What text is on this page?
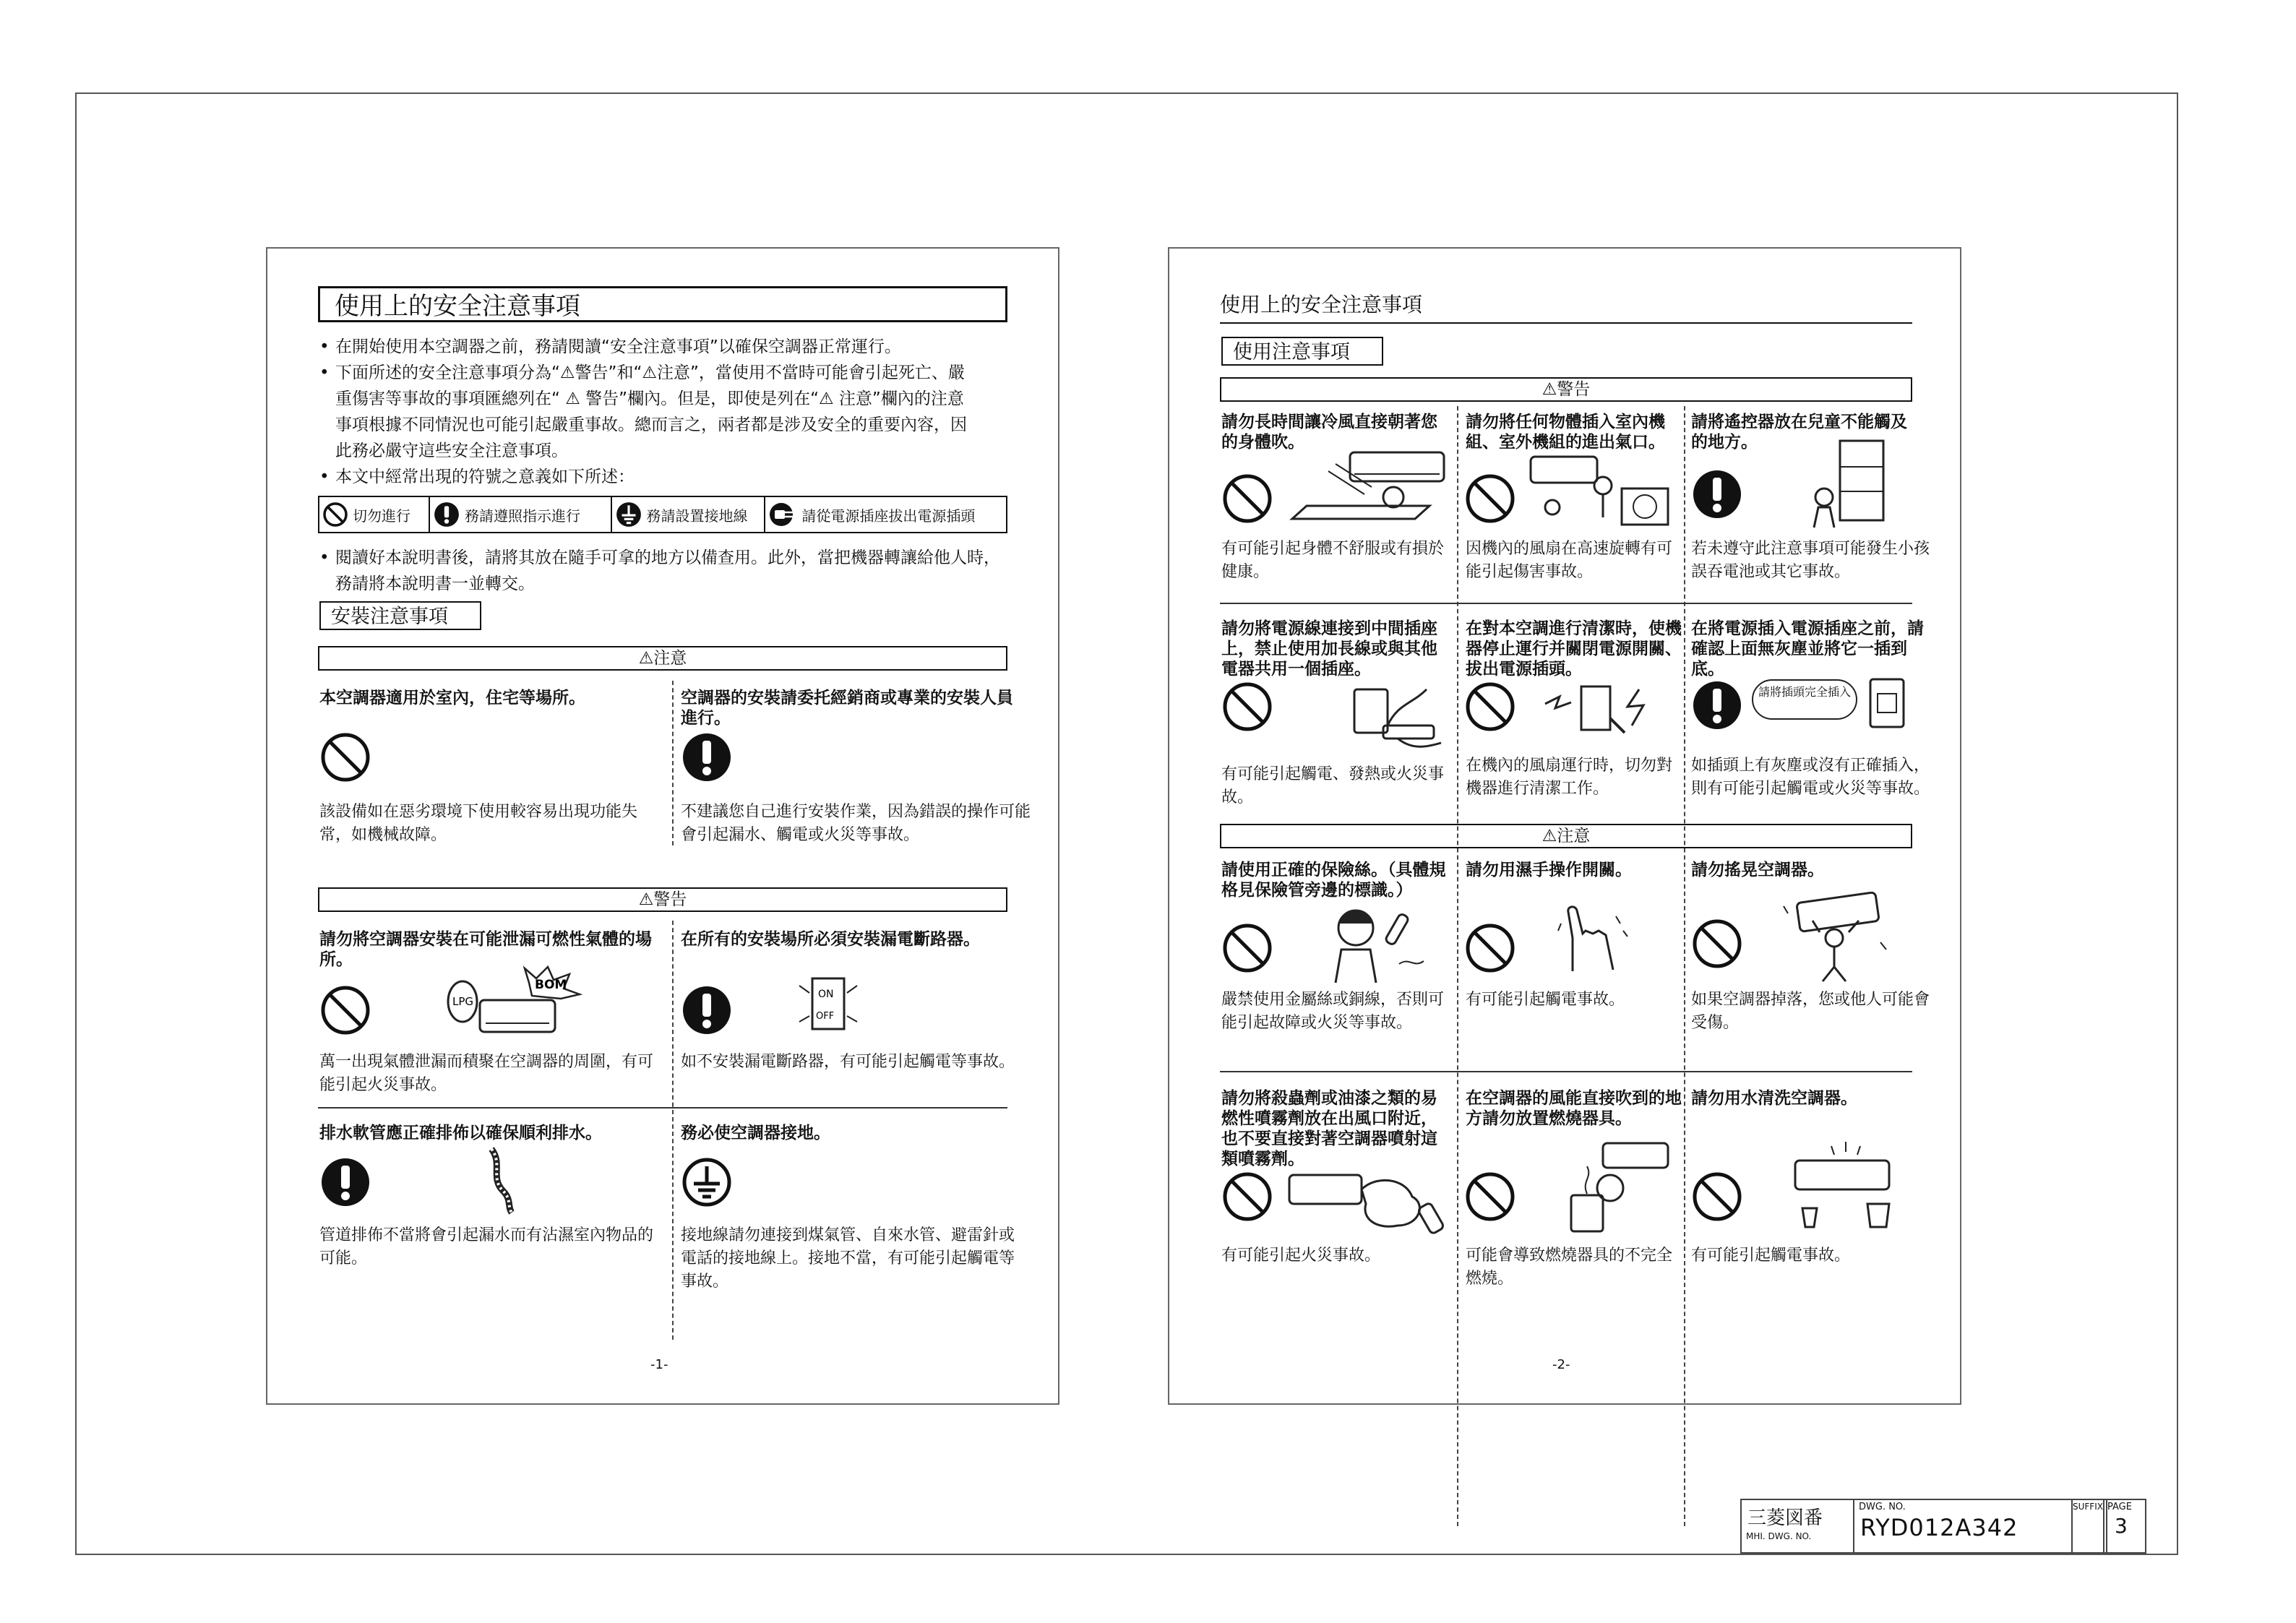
使用上的安全注意事項
•
在開始使用本空調器之前，務請閱讀“安全注意事項”以確保空調器正常運行。
•
下面所述的安全注意事項分為“⚠警告”和“⚠注意”，當使用不當時可能會引起死亡、嚴重傷害等事故的事項匯總列在“ ⚠ 警告”欄內。但是，即使是列在“⚠ 注意”欄內的注意事項根據不同情況也可能引起嚴重事故。總而言之，兩者都是涉及安全的重要內容，因此務必嚴守這些安全注意事項。
•
本文中經常出現的符號之意義如下所述：
切勿進行	務請遵照指示進行	務請設置接地線	請從電源插座拔出電源插頭
•
閱讀好本說明書後，請將其放在隨手可拿的地方以備查用。此外，當把機器轉讓給他人時，務請將本說明書一並轉交。
安裝注意事項
⚠注意
本空調器適用於室內，住宅等場所。
該設備如在惡劣環境下使用較容易出現功能失常，如機械故障。
空調器的安裝請委托經銷商或專業的安裝人員進行。
不建議您自己進行安裝作業，因為錯誤的操作可能會引起漏水、觸電或火災等事故。
⚠警告
請勿將空調器安裝在可能泄漏可燃性氣體的場所。
LPG
BOM
萬一出現氣體泄漏而積聚在空調器的周圍，有可能引起火災事故。
在所有的安裝場所必須安裝漏電斷路器。
ON
OFF
如不安裝漏電斷路器，有可能引起觸電等事故。
排水軟管應正確排佈以確保順利排水。
管道排佈不當將會引起漏水而有沾濕室內物品的可能。
務必使空調器接地。
接地線請勿連接到煤氣管、自來水管、避雷針或電話的接地線上。接地不當，有可能引起觸電等事故。
-1-
使用上的安全注意事項
使用注意事項
⚠警告
請勿長時間讓冷風直接朝著您的身體吹。
有可能引起身體不舒服或有損於健康。
請勿將任何物體插入室內機組、室外機組的進出氣口。
因機內的風扇在高速旋轉有可能引起傷害事故。
請將遙控器放在兒童不能觸及的地方。
若未遵守此注意事項可能發生小孩誤吞電池或其它事故。
請勿將電源線連接到中間插座上，禁止使用加長線或與其他電器共用一個插座。
有可能引起觸電、發熱或火災事故。
在對本空調進行清潔時，使機器停止運行并關閉電源開關、拔出電源插頭。
在機內的風扇運行時，切勿對機器進行清潔工作。
在將電源插入電源插座之前，請確認上面無灰塵並將它一插到底。
請將插頭完全插入
如插頭上有灰塵或沒有正確插入，則有可能引起觸電或火災等事故。
⚠注意
請使用正確的保險絲。（具體規格見保險管旁邊的標識。）
嚴禁使用金屬絲或銅線，否則可能引起故障或火災等事故。
請勿用濕手操作開關。
有可能引起觸電事故。
請勿搖晃空調器。
如果空調器掉落，您或他人可能會受傷。
請勿將殺蟲劑或油漆之類的易燃性噴霧劑放在出風口附近，也不要直接對著空調器噴射這類噴霧劑。
有可能引起火災事故。
在空調器的風能直接吹到的地方請勿放置燃燒器具。
可能會導致燃燒器具的不完全燃燒。
請勿用水清洗空調器。
有可能引起觸電事故。
-2-
三菱図番
MHI. DWG. NO.
DWG. NO.
RYD012A342
SUFFIX PAGE
3
